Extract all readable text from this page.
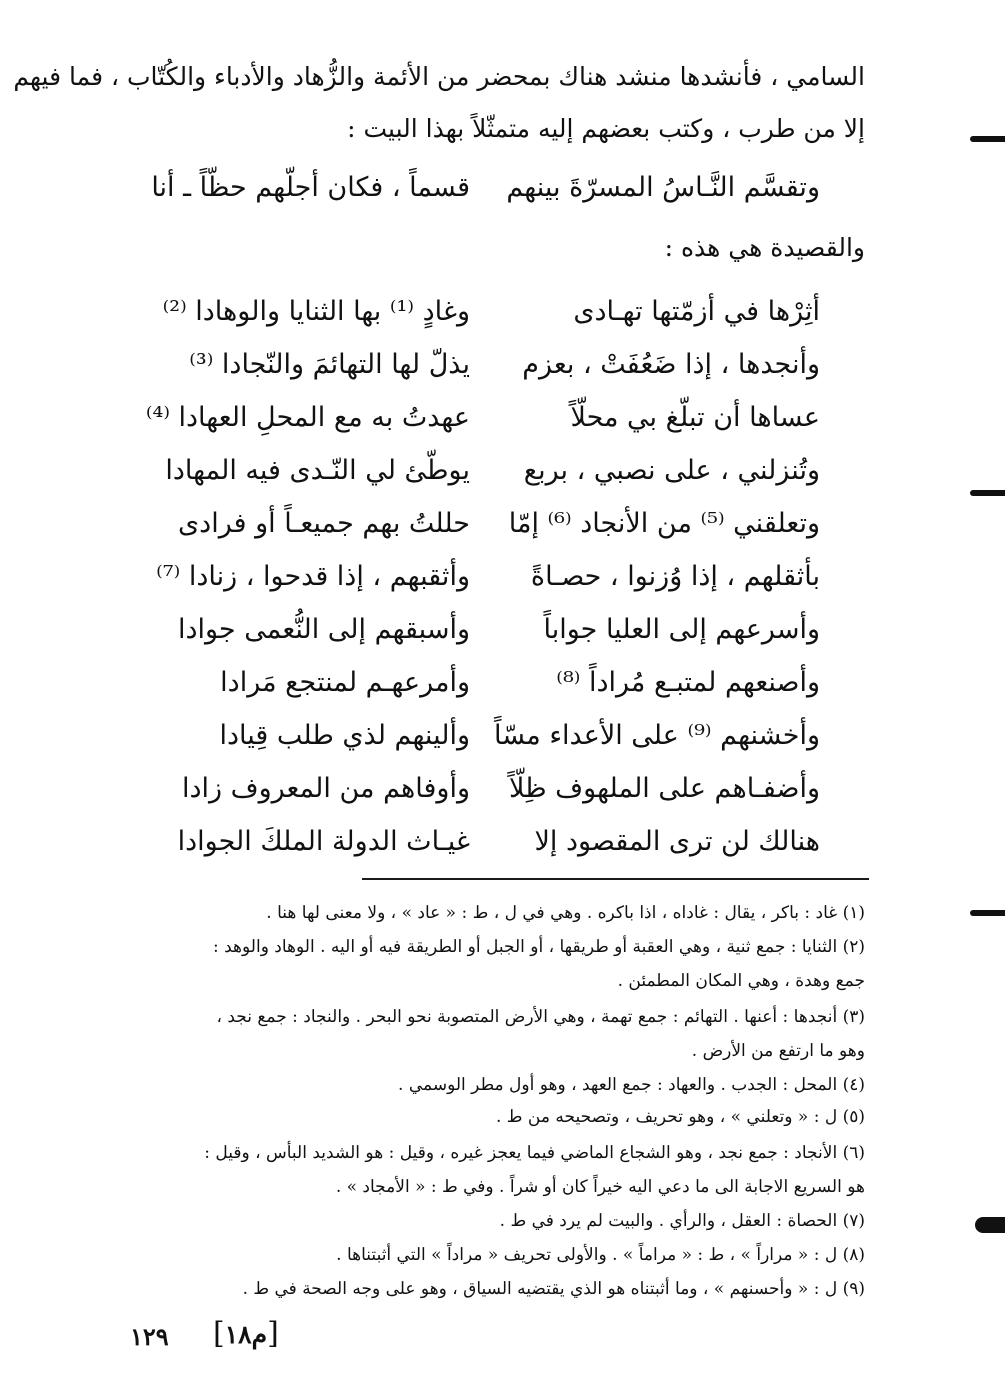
السامي ، فأنشدها منشد هناك بمحضر من الأئمة والزُّهاد والأدباء والكُتّاب ، فما فيهم
إلا من طرب ، وكتب بعضهم إليه متمثّلاً بهذا البيت :
وتقسَّم النَّـاسُ المسرّةَ بينهم
قسماً ، فكان أجلّهم حظّاً ـ أنا
والقصيدة هي هذه :
أثِرْها في أزمّتها تهـادى
وغادٍ ⁽¹⁾ بها الثنايا والوهادا ⁽²⁾
وأنجدها ، إذا ضَعُفَتْ ، بعزم
يذلّ لها التهائمَ والنّجادا ⁽³⁾
عساها أن تبلّغ بي محلّاً
عهدتُ به مع المحلِ العهادا ⁽⁴⁾
وتُنزلني ، على نصبي ، بربع
يوطّئ لي النّـدى فيه المهادا
وتعلقني ⁽⁵⁾ من الأنجاد ⁽⁶⁾ إمّا
حللتُ بهم جميعـاً أو فرادى
بأثقلهم ، إذا وُزنوا ، حصـاةً
وأثقبهم ، إذا قدحوا ، زنادا ⁽⁷⁾
وأسرعهم إلى العليا جواباً
وأسبقهم إلى النُّعمى جوادا
وأصنعهم لمتبـع مُراداً ⁽⁸⁾
وأمرعهـم لمنتجع مَرادا
وأخشنهم ⁽⁹⁾ على الأعداء مسّاً
وألينهم لذي طلب قِيادا
وأضفـاهم على الملهوف ظِلّاً
وأوفاهم من المعروف زادا
هنالك لن ترى المقصود إلا
غيـاث الدولة الملكَ الجوادا
(١) غاد : باكر ، يقال : غاداه ، اذا باكره . وهي في ل ، ط : « عاد » ، ولا معنى لها هنا .
(٢) الثنايا : جمع ثنية ، وهي العقبة أو طريقها ، أو الجبل أو الطريقة فيه أو اليه . الوهاد والوهد :
جمع وهدة ، وهي المكان المطمئن .
(٣) أنجدها : أعنها . التهائم : جمع تهمة ، وهي الأرض المتصوبة نحو البحر . والنجاد : جمع نجد ،
وهو ما ارتفع من الأرض .
(٤) المحل : الجدب . والعهاد : جمع العهد ، وهو أول مطر الوسمي .
(٥) ل : « وتعلني » ، وهو تحريف ، وتصحيحه من ط .
(٦) الأنجاد : جمع نجد ، وهو الشجاع الماضي فيما يعجز غيره ، وقيل : هو الشديد البأس ، وقيل :
هو السريع الاجابة الى ما دعي اليه خيراً كان أو شراً . وفي ط : « الأمجاد » .
(٧) الحصاة : العقل ، والرأي . والبيت لم يرد في ط .
(٨) ل : « مراراً » ، ط : « مراماً » . والأولى تحريف « مراداً » التي أثبتناها .
(٩) ل : « وأحسنهم » ، وما أثبتناه هو الذي يقتضيه السياق ، وهو على وجه الصحة في ط .
١٢٩	[م١٨]
